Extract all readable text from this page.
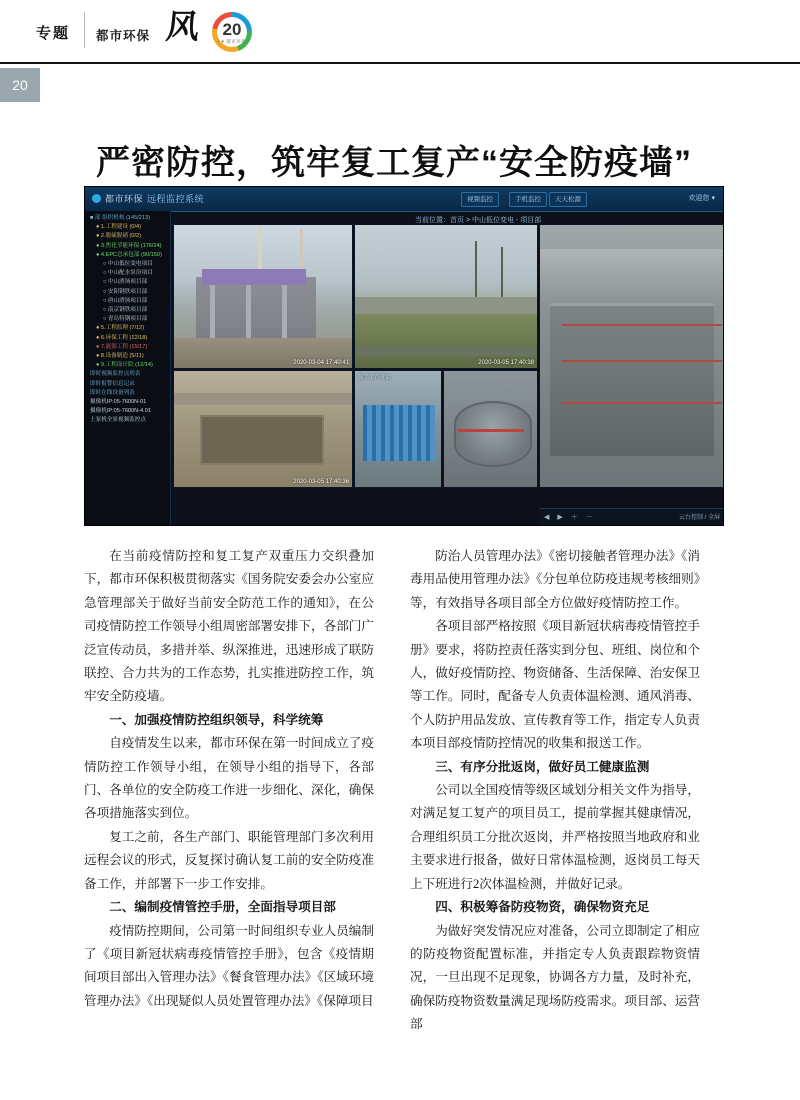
专题 都市环保 风	20
I ♥ 都市环保
20
严密防控，筑牢复工复产“安全防疫墙”
都市环保 远程监控系统	视频监控	手机监控	天天松源	欢迎您 ▾
当前位置：首页 > 中山低位变电 - 项目部
■ 部 组织机构 (145/213)
● 1.工程建设 (0/4)
● 2.脱硫脱硝 (0/2)
● 3.焦化节能环保 (176/24)
● 4.EPC总承包部 (90/150)
○ 中山低位变电项目
○ 中山配水泵房项目
○ 中山渣场项目部
○ 安阳钢铁项目部
○ 唐山渣场项目部
○ 南京钢铁项目部
○ 青岛特钢项目部
● 5.工程监理 (7/12)
● 6.环保工程 (12/18)
● 7.能源工程 (15/17)
● 8.设备制造 (5/11)
● 9.工程设计院 (12/14)
即时视频监控点列表
即时报警信息记录
即时在线设备列表
摄像机IP:05-7600N-01
摄像机IP:05-7600N-4.01
土泵机全景视频监控点
2020-03-04 17:40:41	2020-03-05 17:40:38
2020-03-05 17:40:36
脚手架作业面
◀ ▶ ＋ －	云台控制 / 全屏

在当前疫情防控和复工复产双重压力交织叠加下，都市环保积极贯彻落实《国务院安委会办公室应急管理部关于做好当前安全防范工作的通知》，在公司疫情防控工作领导小组周密部署安排下，各部门广泛宣传动员，多措并举、纵深推进，迅速形成了联防联控、合力共为的工作态势，扎实推进防控工作，筑牢安全防疫墙。

一、加强疫情防控组织领导，科学统筹

自疫情发生以来，都市环保在第一时间成立了疫情防控工作领导小组，在领导小组的指导下，各部门、各单位的安全防疫工作进一步细化、深化，确保各项措施落实到位。

复工之前，各生产部门、职能管理部门多次利用远程会议的形式，反复探讨确认复工前的安全防疫准备工作，并部署下一步工作安排。

二、编制疫情管控手册，全面指导项目部

疫情防控期间，公司第一时间组织专业人员编制了《项目新冠状病毒疫情管控手册》，包含《疫情期间项目部出入管理办法》《餐食管理办法》《区域环境管理办法》《出现疑似人员处置管理办法》《保障项目

防治人员管理办法》《密切接触者管理办法》《消毒用品使用管理办法》《分包单位防疫违规考核细则》等，有效指导各项目部全方位做好疫情防控工作。

各项目部严格按照《项目新冠状病毒疫情管控手册》要求，将防控责任落实到分包、班组、岗位和个人，做好疫情防控、物资储备、生活保障、治安保卫等工作。同时，配备专人负责体温检测、通风消毒、个人防护用品发放、宣传教育等工作，指定专人负责本项目部疫情防控情况的收集和报送工作。

三、有序分批返岗，做好员工健康监测

公司以全国疫情等级区域划分相关文件为指导，对满足复工复产的项目员工，提前掌握其健康情况，合理组织员工分批次返岗，并严格按照当地政府和业主要求进行报备，做好日常体温检测，返岗员工每天上下班进行2次体温检测，并做好记录。

四、积极筹备防疫物资，确保物资充足

为做好突发情况应对准备，公司立即制定了相应的防疫物资配置标准，并指定专人负责跟踪物资情况，一旦出现不足现象，协调各方力量，及时补充，确保防疫物资数量满足现场防疫需求。项目部、运营部
